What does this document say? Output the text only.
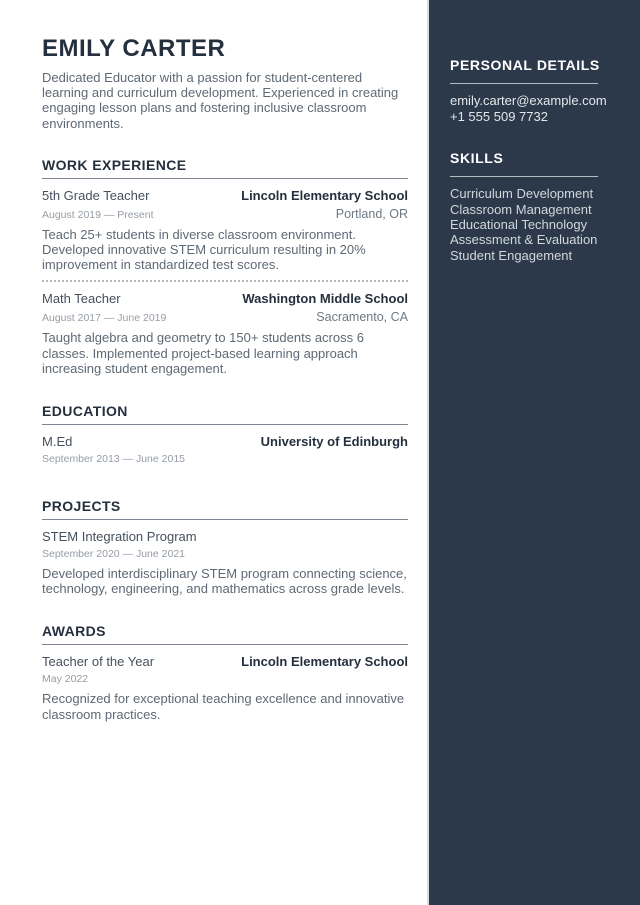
EMILY CARTER
Dedicated Educator with a passion for student-centered learning and curriculum development. Experienced in creating engaging lesson plans and fostering inclusive classroom environments.
WORK EXPERIENCE
5th Grade Teacher	Lincoln Elementary School
August 2019 — Present	Portland, OR
Teach 25+ students in diverse classroom environment. Developed innovative STEM curriculum resulting in 20% improvement in standardized test scores.
Math Teacher	Washington Middle School
August 2017 — June 2019	Sacramento, CA
Taught algebra and geometry to 150+ students across 6 classes. Implemented project-based learning approach increasing student engagement.
EDUCATION
M.Ed	University of Edinburgh
September 2013 — June 2015
PROJECTS
STEM Integration Program
September 2020 — June 2021
Developed interdisciplinary STEM program connecting science, technology, engineering, and mathematics across grade levels.
AWARDS
Teacher of the Year	Lincoln Elementary School
May 2022
Recognized for exceptional teaching excellence and innovative classroom practices.
PERSONAL DETAILS
emily.carter@example.com
+1 555 509 7732
SKILLS
Curriculum Development
Classroom Management
Educational Technology
Assessment & Evaluation
Student Engagement
